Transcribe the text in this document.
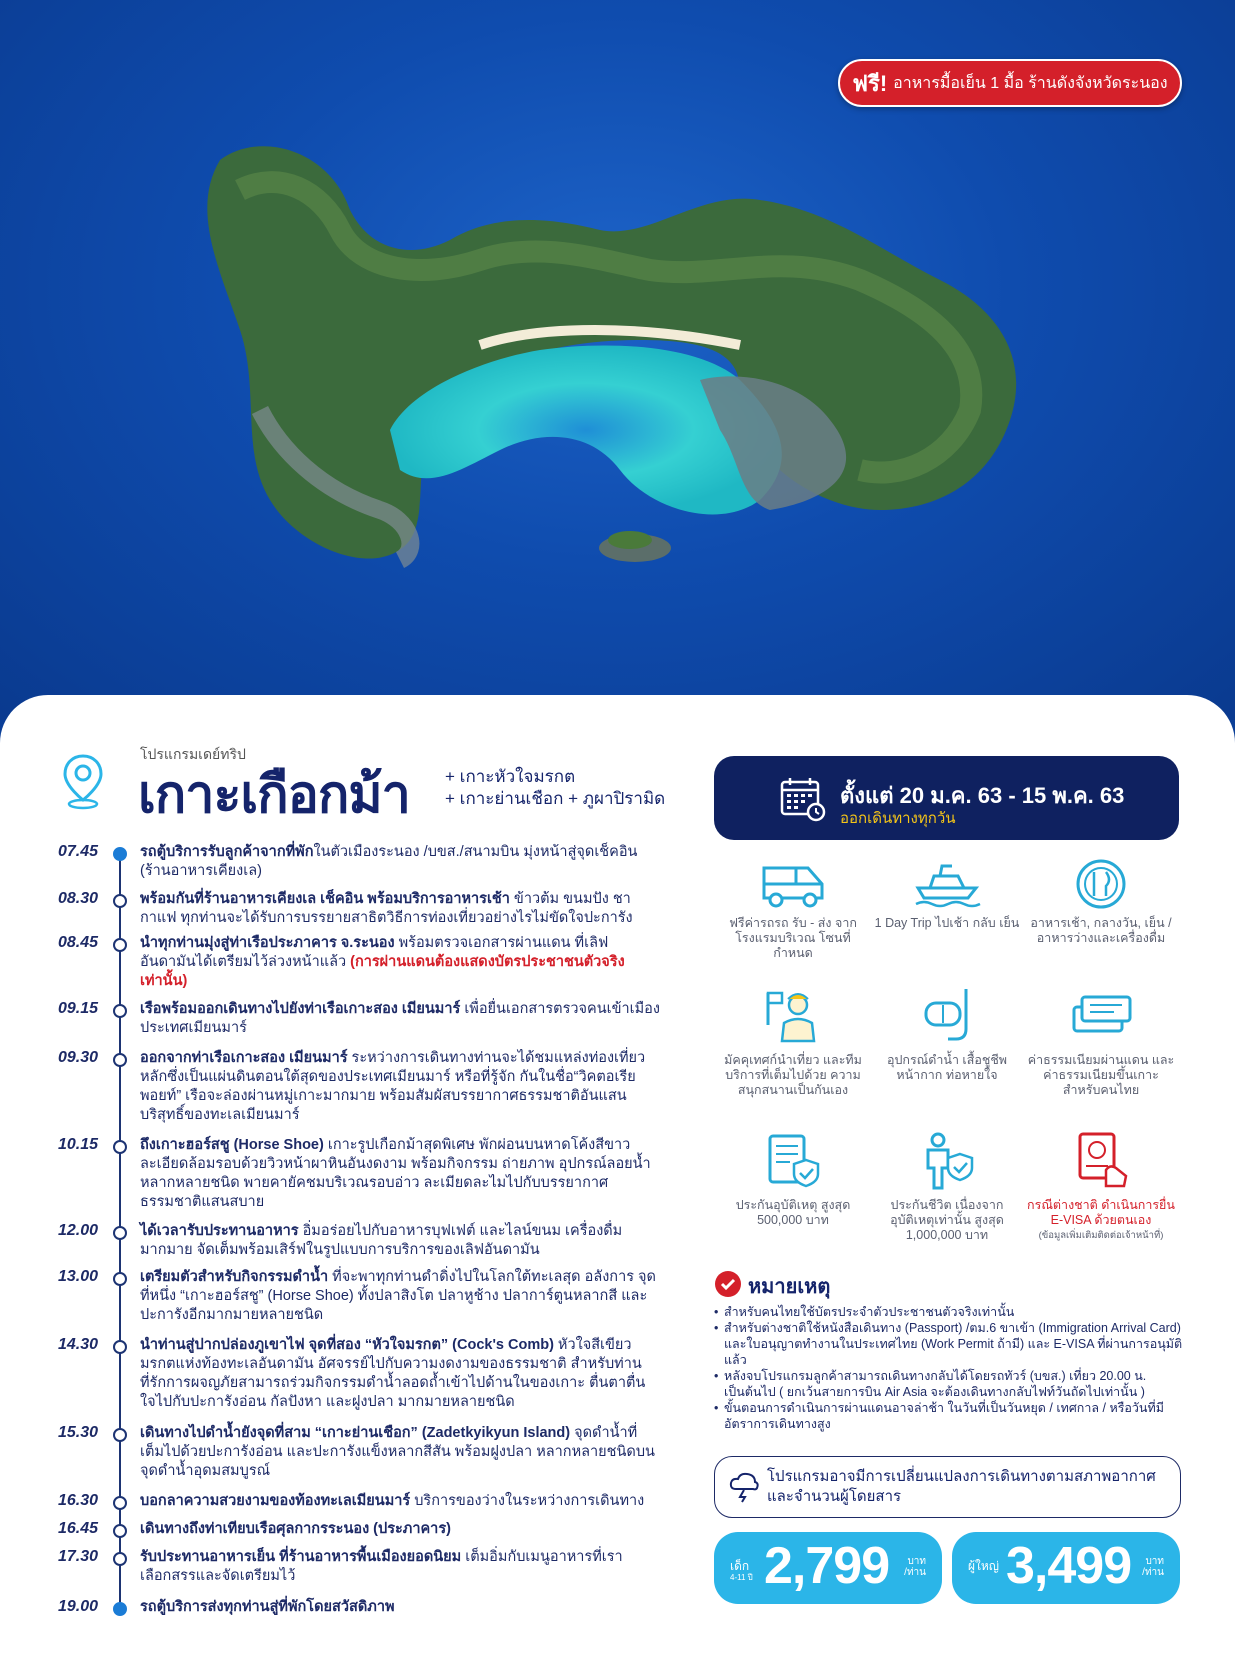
ฟรี! อาหารมื้อเย็น 1 มื้อ ร้านดังจังหวัดระนอง
โปรแกรมเดย์ทริป
เกาะเกือกม้า + เกาะหัวใจมรกต
+ เกาะย่านเชือก + ภูผาปิรามิด
07.45	รถตู้บริการรับลูกค้าจากที่พักในตัวเมืองระนอง /บขส./สนามบิน มุ่งหน้าสู่จุดเช็คอิน (ร้านอาหารเคียงเล)
08.30	พร้อมกันที่ร้านอาหารเคียงเล เช็คอิน พร้อมบริการอาหารเช้า ข้าวต้ม ขนมปัง ชา กาแฟ ทุกท่านจะได้รับการบรรยายสาธิตวิธีการท่องเที่ยวอย่างไรไม่ขัดใจปะการัง
08.45	นำทุกท่านมุ่งสู่ท่าเรือประภาคาร จ.ระนอง พร้อมตรวจเอกสารผ่านแดน ที่เลิฟอันดามันได้เตรียมไว้ล่วงหน้าแล้ว (การผ่านแดนต้องแสดงบัตรประชาชนตัวจริงเท่านั้น)
09.15	เรือพร้อมออกเดินทางไปยังท่าเรือเกาะสอง เมียนมาร์ เพื่อยื่นเอกสารตรวจคนเข้าเมืองประเทศเมียนมาร์
09.30	ออกจากท่าเรือเกาะสอง เมียนมาร์ ระหว่างการเดินทางท่านจะได้ชมแหล่งท่องเที่ยวหลักซึ่งเป็นแผ่นดินตอนใต้สุดของประเทศเมียนมาร์ หรือที่รู้จัก กันในชื่อ“วิคตอเรีย พอยท์” เรือจะล่องผ่านหมู่เกาะมากมาย พร้อมสัมผัสบรรยากาศธรรมชาติอันแสนบริสุทธิ์ของทะเลเมียนมาร์
10.15	ถึงเกาะฮอร์สชู (Horse Shoe) เกาะรูปเกือกม้าสุดพิเศษ พักผ่อนบนหาดโค้งสีขาวละเอียดล้อมรอบด้วยวิวหน้าผาหินอันงดงาม พร้อมกิจกรรม ถ่ายภาพ อุปกรณ์ลอยน้ำหลากหลายชนิด พายคายัคชมบริเวณรอบอ่าว ละเมียดละไมไปกับบรรยากาศธรรมชาติแสนสบาย
12.00	ได้เวลารับประทานอาหาร อิ่มอร่อยไปกับอาหารบุฟเฟต์ และไลน์ขนม เครื่องดื่มมากมาย จัดเต็มพร้อมเสิร์ฟในรูปแบบการบริการของเลิฟอันดามัน
13.00	เตรียมตัวสำหรับกิจกรรมดำน้ำ ที่จะพาทุกท่านดำดิ่งไปในโลกใต้ทะเลสุด อลังการ จุดที่หนึ่ง “เกาะฮอร์สชู” (Horse Shoe) ทั้งปลาสิงโต ปลาหูช้าง ปลาการ์ตูนหลากสี และปะการังอีกมากมายหลายชนิด
14.30	นำท่านสู่ปากปล่องภูเขาไฟ จุดที่สอง “หัวใจมรกต” (Cock's Comb) หัวใจสีเขียวมรกตแห่งท้องทะเลอันดามัน อัศจรรย์ไปกับความงดงามของธรรมชาติ สำหรับท่านที่รักการผจญภัยสามารถร่วมกิจกรรมดำน้ำลอดถ้ำเข้าไปด้านในของเกาะ ตื่นตาตื่นใจไปกับปะการังอ่อน กัลปังหา และฝูงปลา มากมายหลายชนิด
15.30	เดินทางไปดำน้ำยังจุดที่สาม “เกาะย่านเชือก” (Zadetkyikyun Island) จุดดำน้ำที่เต็มไปด้วยปะการังอ่อน และปะการังแข็งหลากสีสัน พร้อมฝูงปลา หลากหลายชนิดบนจุดดำน้ำอุดมสมบูรณ์
16.30	บอกลาความสวยงามของท้องทะเลเมียนมาร์ บริการของว่างในระหว่างการเดินทาง
16.45	เดินทางถึงท่าเทียบเรือศุลกากรระนอง (ประภาคาร)
17.30	รับประทานอาหารเย็น ที่ร้านอาหารพื้นเมืองยอดนิยม เต็มอิ่มกับเมนูอาหารที่เราเลือกสรรและจัดเตรียมไว้
19.00	รถตู้บริการส่งทุกท่านสู่ที่พักโดยสวัสดิภาพ
ตั้งแต่ 20 ม.ค. 63 - 15 พ.ค. 63
ออกเดินทางทุกวัน
ฟรีค่ารถรถ รับ - ส่ง จากโรงแรมบริเวณ โซนที่กำหนด
1 Day Trip ไปเช้า กลับ เย็น อาหารเช้า, กลางวัน, เย็น / อาหารว่างและเครื่องดื่ม
มัคคุเทศก์นำเที่ยว และทีมบริการที่เต็มไปด้วย ความสนุกสนานเป็นกันเอง
อุปกรณ์ดำน้ำ เสื้อชูชีพ หน้ากาก ท่อหายใจ
ค่าธรรมเนียมผ่านแดน และค่าธรรมเนียมขึ้นเกาะ สำหรับคนไทย
ประกันอุบัติเหตุ สูงสุด 500,000 บาท
ประกันชีวิต เนื่องจากอุบัติเหตุเท่านั้น สูงสุด 1,000,000 บาท
กรณีต่างชาติ ดำเนินการยื่น E-VISA ด้วยตนเอง
(ข้อมูลเพิ่มเติมติดต่อเจ้าหน้าที่)
หมายเหตุ
• สำหรับคนไทยใช้บัตรประจำตัวประชาชนตัวจริงเท่านั้น
• สำหรับต่างชาติใช้หนังสือเดินทาง (Passport) /ตม.6 ขาเข้า (Immigration Arrival Card) และใบอนุญาตทำงานในประเทศไทย (Work Permit ถ้ามี) และ E-VISA ที่ผ่านการอนุมัติแล้ว
• หลังจบโปรแกรมลูกค้าสามารถเดินทางกลับได้โดยรถทัวร์ (บขส.) เที่ยว 20.00 น. เป็นต้นไป ( ยกเว้นสายการบิน Air Asia จะต้องเดินทางกลับไฟท์วันถัดไปเท่านั้น )
• ขั้นตอนการดำเนินการผ่านแดนอาจล่าช้า ในวันที่เป็นวันหยุด / เทศกาล / หรือวันที่มีอัตราการเดินทางสูง
โปรแกรมอาจมีการเปลี่ยนแปลงการเดินทางตามสภาพอากาศ และจำนวนผู้โดยสาร
เด็ก
4-11 ปี 2,799	บาท
/ท่าน	ผู้ใหญ่ 3,499	บาท
/ท่าน
